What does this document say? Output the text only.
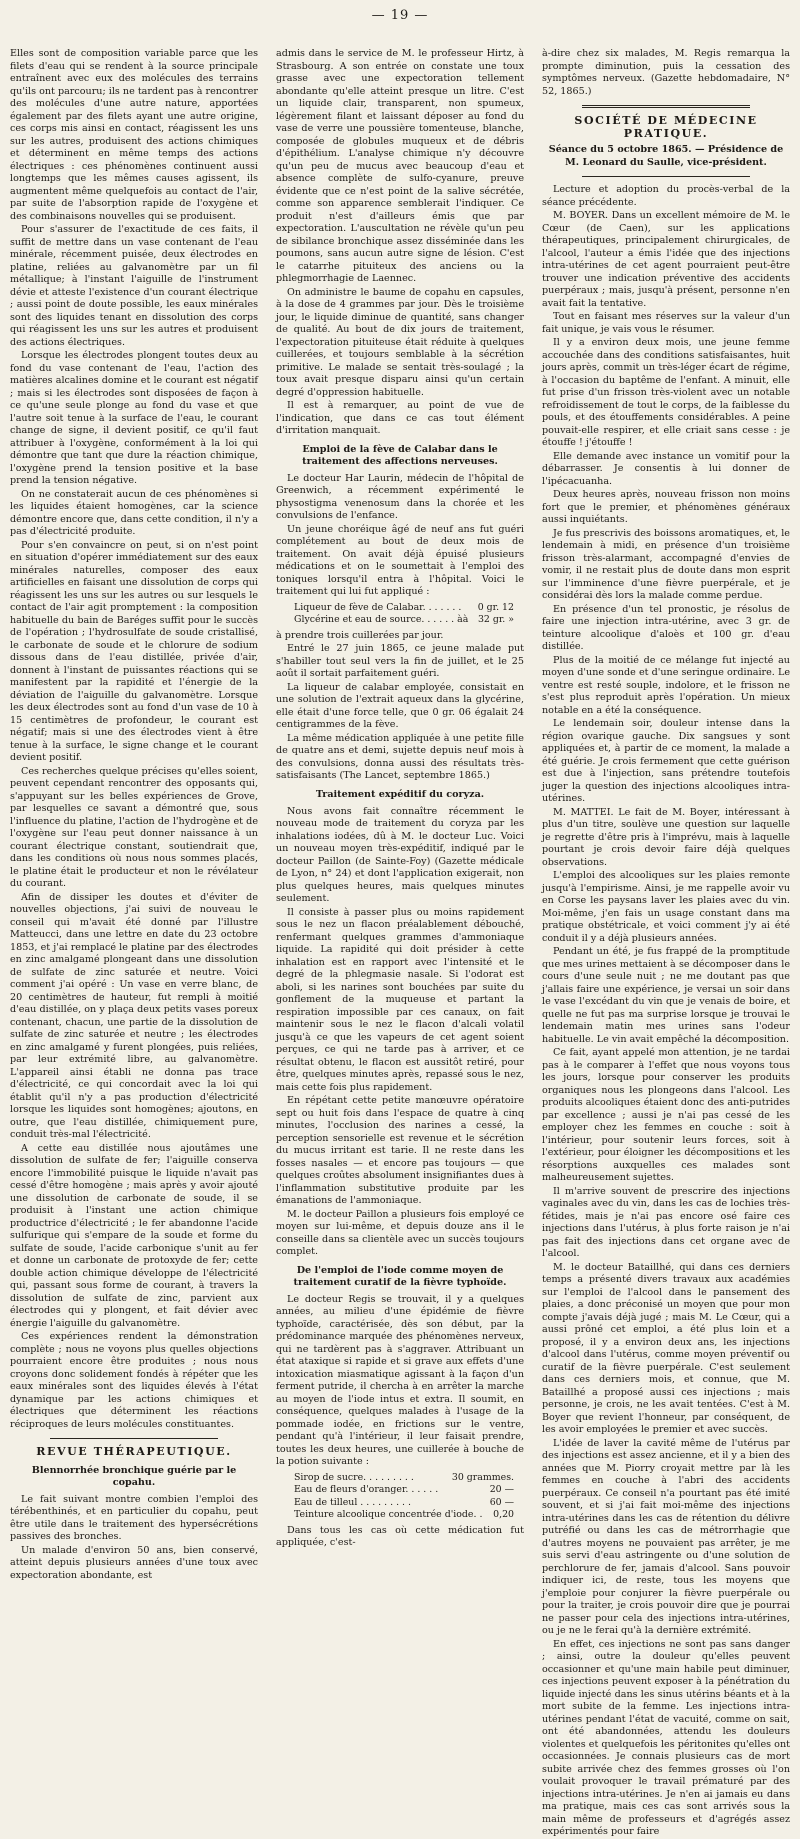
— 19 —

Elles sont de composition variable parce que les filets d'eau qui se rendent à la source principale entraînent avec eux des molécules des terrains qu'ils ont parcouru; ils ne tardent pas à rencontrer des molécules d'une autre nature, apportées également par des filets ayant une autre origine, ces corps mis ainsi en contact, réagissent les uns sur les autres, produisent des actions chimiques et déterminent en même temps des actions électriques : ces phénomènes continuent aussi longtemps que les mêmes causes agissent, ils augmentent même quelquefois au contact de l'air, par suite de l'absorption rapide de l'oxygène et des combinaisons nouvelles qui se produisent.

Pour s'assurer de l'exactitude de ces faits, il suffit de mettre dans un vase contenant de l'eau minérale, récemment puisée, deux électrodes en platine, reliées au galvanomètre par un fil métallique; à l'instant l'aiguille de l'instrument dévie et atteste l'existence d'un courant électrique ; aussi point de doute possible, les eaux minérales sont des liquides tenant en dissolution des corps qui réagissent les uns sur les autres et produisent des actions électriques.

Lorsque les électrodes plongent toutes deux au fond du vase contenant de l'eau, l'action des matières alcalines domine et le courant est négatif ; mais si les électrodes sont disposées de façon à ce qu'une seule plonge au fond du vase et que l'autre soit tenue à la surface de l'eau, le courant change de signe, il devient positif, ce qu'il faut attribuer à l'oxygène, conformément à la loi qui démontre que tant que dure la réaction chimique, l'oxygène prend la tension positive et la base prend la tension négative.

On ne constaterait aucun de ces phénomènes si les liquides étaient homogènes, car la science démontre encore que, dans cette condition, il n'y a pas d'électricité produite.

Pour s'en convaincre on peut, si on n'est point en situation d'opérer immédiatement sur des eaux minérales naturelles, composer des eaux artificielles en faisant une dissolution de corps qui réagissent les uns sur les autres ou sur lesquels le contact de l'air agit promptement : la composition habituelle du bain de Baréges suffit pour le succès de l'opération ; l'hydrosulfate de soude cristallisé, le carbonate de soude et le chlorure de sodium dissous dans de l'eau distillée, privée d'air, donnent à l'instant de puissantes réactions qui se manifestent par la rapidité et l'énergie de la déviation de l'aiguille du galvanomètre. Lorsque les deux électrodes sont au fond d'un vase de 10 à 15 centimètres de profondeur, le courant est négatif; mais si une des électrodes vient à être tenue à la surface, le signe change et le courant devient positif.

Ces recherches quelque précises qu'elles soient, peuvent cependant rencontrer des opposants qui, s'appuyant sur les belles expériences de Grove, par lesquelles ce savant a démontré que, sous l'influence du platine, l'action de l'hydrogène et de l'oxygène sur l'eau peut donner naissance à un courant électrique constant, soutiendrait que, dans les conditions où nous nous sommes placés, le platine était le producteur et non le révélateur du courant.

Afin de dissiper les doutes et d'éviter de nouvelles objections, j'ai suivi de nouveau le conseil qui m'avait été donné par l'illustre Matteucci, dans une lettre en date du 23 octobre 1853, et j'ai remplacé le platine par des électrodes en zinc amalgamé plongeant dans une dissolution de sulfate de zinc saturée et neutre. Voici comment j'ai opéré : Un vase en verre blanc, de 20 centimètres de hauteur, fut rempli à moitié d'eau distillée, on y plaça deux petits vases poreux contenant, chacun, une partie de la dissolution de sulfate de zinc saturée et neutre ; les électrodes en zinc amalgamé y furent plongées, puis reliées, par leur extrémité libre, au galvanomètre. L'appareil ainsi établi ne donna pas trace d'électricité, ce qui concordait avec la loi qui établit qu'il n'y a pas production d'électricité lorsque les liquides sont homogènes; ajoutons, en outre, que l'eau distillée, chimiquement pure, conduit très-mal l'électricité.

A cette eau distillée nous ajoutâmes une dissolution de sulfate de fer; l'aiguille conserva encore l'immobilité puisque le liquide n'avait pas cessé d'être homogène ; mais après y avoir ajouté une dissolution de carbonate de soude, il se produisit à l'instant une action chimique productrice d'électricité ; le fer abandonne l'acide sulfurique qui s'empare de la soude et forme du sulfate de soude, l'acide carbonique s'unit au fer et donne un carbonate de protoxyde de fer; cette double action chimique développe de l'électricité qui, passant sous forme de courant, à travers la dissolution de sulfate de zinc, parvient aux électrodes qui y plongent, et fait dévier avec énergie l'aiguille du galvanomètre.

Ces expériences rendent la démonstration complète ; nous ne voyons plus quelles objections pourraient encore être produites ; nous nous croyons donc solidement fondés à répéter que les eaux minérales sont des liquides élevés à l'état dynamique par les actions chimiques et électriques que déterminent les réactions réciproques de leurs molécules constituantes.

REVUE THÉRAPEUTIQUE.
Blennorrhée bronchique guérie par le copahu.

Le fait suivant montre combien l'emploi des térébenthinés, et en particulier du copahu, peut être utile dans le traitement des hypersécrétions passives des bronches.

Un malade d'environ 50 ans, bien conservé, atteint depuis plusieurs années d'une toux avec expectoration abondante, est

admis dans le service de M. le professeur Hirtz, à Strasbourg. A son entrée on constate une toux grasse avec une expectoration tellement abondante qu'elle atteint presque un litre. C'est un liquide clair, transparent, non spumeux, légèrement filant et laissant déposer au fond du vase de verre une poussière tomenteuse, blanche, composée de globules muqueux et de débris d'épithélium. L'analyse chimique n'y découvre qu'un peu de mucus avec beaucoup d'eau et absence complète de sulfo-cyanure, preuve évidente que ce n'est point de la salive sécrétée, comme son apparence semblerait l'indiquer. Ce produit n'est d'ailleurs émis que par expectoration. L'auscultation ne révèle qu'un peu de sibilance bronchique assez disséminée dans les poumons, sans aucun autre signe de lésion. C'est le catarrhe pituiteux des anciens ou la phlegmorrhagie de Laennec.

On administre le baume de copahu en capsules, à la dose de 4 grammes par jour. Dès le troisième jour, le liquide diminue de quantité, sans changer de qualité. Au bout de dix jours de traitement, l'expectoration pituiteuse était réduite à quelques cuillerées, et toujours semblable à la sécrétion primitive. Le malade se sentait très-soulagé ; la toux avait presque disparu ainsi qu'un certain degré d'oppression habituelle.

Il est à remarquer, au point de vue de l'indication, que dans ce cas tout élément d'irritation manquait.

Emploi de la fève de Calabar dans le traitement des affections nerveuses.

Le docteur Har Laurin, médecin de l'hôpital de Greenwich, a récemment expérimenté le physostigma venenosum dans la chorée et les convulsions de l'enfance.

Un jeune choréique âgé de neuf ans fut guéri complétement au bout de deux mois de traitement. On avait déjà épuisé plusieurs médications et on le soumettait à l'emploi des toniques lorsqu'il entra à l'hôpital. Voici le traitement qui lui fut appliqué :

Liqueur de fève de Calabar. . . . . . . 0 gr. 12
Glycérine et eau de source. . . . . . àà 32 gr. »

à prendre trois cuillerées par jour.

Entré le 27 juin 1865, ce jeune malade put s'habiller tout seul vers la fin de juillet, et le 25 août il sortait parfaitement guéri.

La liqueur de calabar employée, consistait en une solution de l'extrait aqueux dans la glycérine, elle était d'une force telle, que 0 gr. 06 égalait 24 centigrammes de la fève.

La même médication appliquée à une petite fille de quatre ans et demi, sujette depuis neuf mois à des convulsions, donna aussi des résultats très-satisfaisants (The Lancet, septembre 1865.)

Traitement expéditif du coryza.

Nous avons fait connaître récemment le nouveau mode de traitement du coryza par les inhalations iodées, dû à M. le docteur Luc. Voici un nouveau moyen très-expéditif, indiqué par le docteur Paillon (de Sainte-Foy) (Gazette médicale de Lyon, n° 24) et dont l'application exigerait, non plus quelques heures, mais quelques minutes seulement.

Il consiste à passer plus ou moins rapidement sous le nez un flacon préalablement débouché, renfermant quelques grammes d'ammoniaque liquide. La rapidité qui doit présider à cette inhalation est en rapport avec l'intensité et le degré de la phlegmasie nasale. Si l'odorat est aboli, si les narines sont bouchées par suite du gonflement de la muqueuse et partant la respiration impossible par ces canaux, on fait maintenir sous le nez le flacon d'alcali volatil jusqu'à ce que les vapeurs de cet agent soient perçues, ce qui ne tarde pas à arriver, et ce résultat obtenu, le flacon est aussitôt retiré, pour être, quelques minutes après, repassé sous le nez, mais cette fois plus rapidement.

En répétant cette petite manœuvre opératoire sept ou huit fois dans l'espace de quatre à cinq minutes, l'occlusion des narines a cessé, la perception sensorielle est revenue et le sécrétion du mucus irritant est tarie. Il ne reste dans les fosses nasales — et encore pas toujours — que quelques croûtes absolument insignifiantes dues à l'inflammation substitutive produite par les émanations de l'ammoniaque.

M. le docteur Paillon a plusieurs fois employé ce moyen sur lui-même, et depuis douze ans il le conseille dans sa clientèle avec un succès toujours complet.

De l'emploi de l'iode comme moyen de traitement curatif de la fièvre typhoïde.

Le docteur Regis se trouvait, il y a quelques années, au milieu d'une épidémie de fièvre typhoïde, caractérisée, dès son début, par la prédominance marquée des phénomènes nerveux, qui ne tardèrent pas à s'aggraver. Attribuant un état ataxique si rapide et si grave aux effets d'une intoxication miasmatique agissant à la façon d'un ferment putride, il chercha à en arrêter la marche au moyen de l'iode intus et extra. Il soumit, en conséquence, quelques malades à l'usage de la pommade iodée, en frictions sur le ventre, pendant qu'à l'intérieur, il leur faisait prendre, toutes les deux heures, une cuillerée à bouche de la potion suivante :

Sirop de sucre. . . . . . . . .	30 grammes.
Eau de fleurs d'oranger. . . . . .	20 —
Eau de tilleul . . . . . . . . .	60 —
Teinture alcoolique concentrée d'iode. . 0,20

Dans tous les cas où cette médication fut appliquée, c'est-

à-dire chez six malades, M. Regis remarqua la prompte diminution, puis la cessation des symptômes nerveux. (Gazette hebdomadaire, N° 52, 1865.)

SOCIÉTÉ DE MÉDECINE PRATIQUE.

Séance du 5 octobre 1865. — Présidence de M. Leonard du Saulle, vice-président.

Lecture et adoption du procès-verbal de la séance précédente.

M. BOYER. Dans un excellent mémoire de M. le Cœur (de Caen), sur les applications thérapeutiques, principalement chirurgicales, de l'alcool, l'auteur a émis l'idée que des injections intra-utérines de cet agent pourraient peut-être trouver une indication préventive des accidents puerpéraux ; mais, jusqu'à présent, personne n'en avait fait la tentative.

Tout en faisant mes réserves sur la valeur d'un fait unique, je vais vous le résumer.

Il y a environ deux mois, une jeune femme accouchée dans des conditions satisfaisantes, huit jours après, commit un très-léger écart de régime, à l'occasion du baptême de l'enfant. A minuit, elle fut prise d'un frisson très-violent avec un notable refroidissement de tout le corps, de la faiblesse du pouls, et des étouffements considérables. A peine pouvait-elle respirer, et elle criait sans cesse : je étouffe ! j'étouffe !

Elle demande avec instance un vomitif pour la débarrasser. Je consentis à lui donner de l'ipécacuanha.

Deux heures après, nouveau frisson non moins fort que le premier, et phénomènes généraux aussi inquiétants.

Je fus prescrivis des boissons aromatiques, et, le lendemain à midi, en présence d'un troisième frisson très-alarmant, accompagné d'envies de vomir, il ne restait plus de doute dans mon esprit sur l'imminence d'une fièvre puerpérale, et je considérai dès lors la malade comme perdue.

En présence d'un tel pronostic, je résolus de faire une injection intra-utérine, avec 3 gr. de teinture alcoolique d'aloès et 100 gr. d'eau distillée.

Plus de la moitié de ce mélange fut injecté au moyen d'une sonde et d'une seringue ordinaire. Le ventre est resté souple, indolore, et le frisson ne s'est plus reproduit après l'opération. Un mieux notable en a été la conséquence.

Le lendemain soir, douleur intense dans la région ovarique gauche. Dix sangsues y sont appliquées et, à partir de ce moment, la malade a été guérie. Je crois fermement que cette guérison est due à l'injection, sans prétendre toutefois juger la question des injections alcooliques intra-utérines.

M. MATTEI. Le fait de M. Boyer, intéressant à plus d'un titre, soulève une question sur laquelle je regrette d'être pris à l'imprévu, mais à laquelle pourtant je crois devoir faire déjà quelques observations.

L'emploi des alcooliques sur les plaies remonte jusqu'à l'empirisme. Ainsi, je me rappelle avoir vu en Corse les paysans laver les plaies avec du vin. Moi-même, j'en fais un usage constant dans ma pratique obstétricale, et voici comment j'y ai été conduit il y a déjà plusieurs années.

Pendant un été, je fus frappé de la promptitude que mes urines mettaient à se décomposer dans le cours d'une seule nuit ; ne me doutant pas que j'allais faire une expérience, je versai un soir dans le vase l'excédant du vin que je venais de boire, et quelle ne fut pas ma surprise lorsque je trouvai le lendemain matin mes urines sans l'odeur habituelle. Le vin avait empêché la décomposition.

Ce fait, ayant appelé mon attention, je ne tardai pas à le comparer à l'effet que nous voyons tous les jours, lorsque pour conserver les produits organiques nous les plongeons dans l'alcool. Les produits alcooliques étaient donc des anti-putrides par excellence ; aussi je n'ai pas cessé de les employer chez les femmes en couche : soit à l'intérieur, pour soutenir leurs forces, soit à l'extérieur, pour éloigner les décompositions et les résorptions auxquelles ces malades sont malheureusement sujettes.

Il m'arrive souvent de prescrire des injections vaginales avec du vin, dans les cas de lochies très-fétides, mais je n'ai pas encore osé faire ces injections dans l'utérus, à plus forte raison je n'ai pas fait des injections dans cet organe avec de l'alcool.

M. le docteur Bataillhé, qui dans ces derniers temps a présenté divers travaux aux académies sur l'emploi de l'alcool dans le pansement des plaies, a donc préconisé un moyen que pour mon compte j'avais déjà jugé ; mais M. Le Cœur, qui a aussi prôné cet emploi, a été plus loin et a proposé, il y a environ deux ans, les injections d'alcool dans l'utérus, comme moyen préventif ou curatif de la fièvre puerpérale. C'est seulement dans ces derniers mois, et connue, que M. Bataillhé a proposé aussi ces injections ; mais personne, je crois, ne les avait tentées. C'est à M. Boyer que revient l'honneur, par conséquent, de les avoir employées le premier et avec succès.

L'idée de laver la cavité même de l'utérus par des injections est assez ancienne, et il y a bien des années que M. Piorry croyait mettre par là les femmes en couche à l'abri des accidents puerpéraux. Ce conseil n'a pourtant pas été imité souvent, et si j'ai fait moi-même des injections intra-utérines dans les cas de rétention du délivre putréfié ou dans les cas de métrorrhagie que d'autres moyens ne pouvaient pas arrêter, je me suis servi d'eau astringente ou d'une solution de perchlorure de fer, jamais d'alcool. Sans pouvoir indiquer ici, de reste, tous les moyens que j'emploie pour conjurer la fièvre puerpérale ou pour la traiter, je crois pouvoir dire que je pourrai ne passer pour cela des injections intra-utérines, ou je ne le ferai qu'à la dernière extrémité.

En effet, ces injections ne sont pas sans danger ; ainsi, outre la douleur qu'elles peuvent occasionner et qu'une main habile peut diminuer, ces injections peuvent exposer à la pénétration du liquide injecté dans les sinus utérins béants et à la mort subite de la femme. Les injections intra-utérines pendant l'état de vacuité, comme on sait, ont été abandonnées, attendu les douleurs violentes et quelquefois les péritonites qu'elles ont occasionnées. Je connais plusieurs cas de mort subite arrivée chez des femmes grosses où l'on voulait provoquer le travail prématuré par des injections intra-utérines. Je n'en ai jamais eu dans ma pratique, mais ces cas sont arrivés sous la main même de professeurs et d'agrégés assez expérimentés pour faire
